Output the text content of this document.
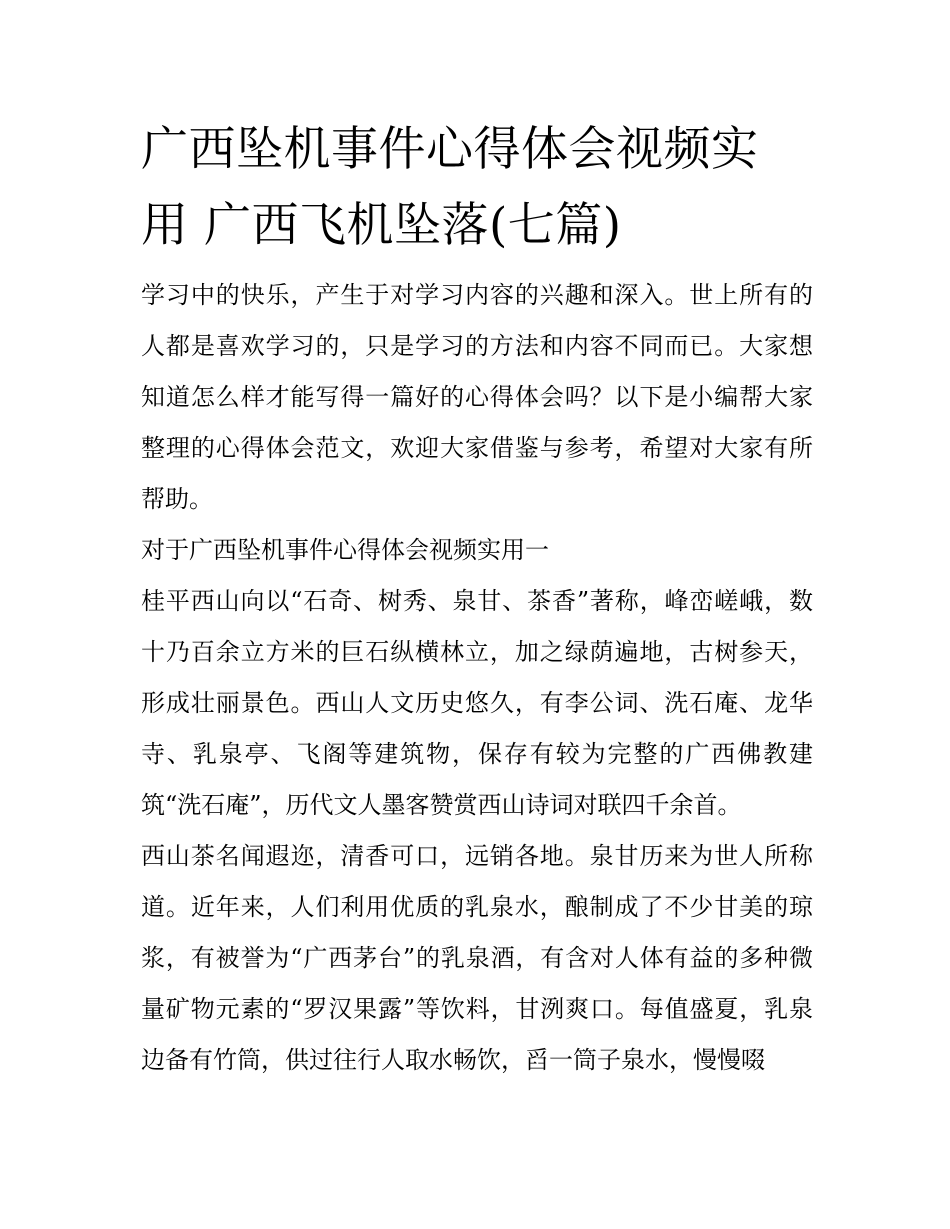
广西坠机事件心得体会视频实
用 广西飞机坠落(七篇)

学习中的快乐，产生于对学习内容的兴趣和深入。世上所有的
人都是喜欢学习的，只是学习的方法和内容不同而已。大家想
知道怎么样才能写得一篇好的心得体会吗？以下是小编帮大家
整理的心得体会范文，欢迎大家借鉴与参考，希望对大家有所
帮助。

对于广西坠机事件心得体会视频实用一

桂平西山向以“石奇、树秀、泉甘、茶香”著称，峰峦嵯峨，数
十乃百余立方米的巨石纵横林立，加之绿荫遍地，古树参天，
形成壮丽景色。西山人文历史悠久，有李公词、洗石庵、龙华
寺、乳泉亭、飞阁等建筑物，保存有较为完整的广西佛教建
筑“洗石庵”，历代文人墨客赞赏西山诗词对联四千余首。

西山茶名闻遐迩，清香可口，远销各地。泉甘历来为世人所称
道。近年来，人们利用优质的乳泉水，酿制成了不少甘美的琼
浆，有被誉为“广西茅台”的乳泉酒，有含对人体有益的多种微
量矿物元素的“罗汉果露”等饮料，甘洌爽口。每值盛夏，乳泉
边备有竹筒，供过往行人取水畅饮，舀一筒子泉水，慢慢啜
